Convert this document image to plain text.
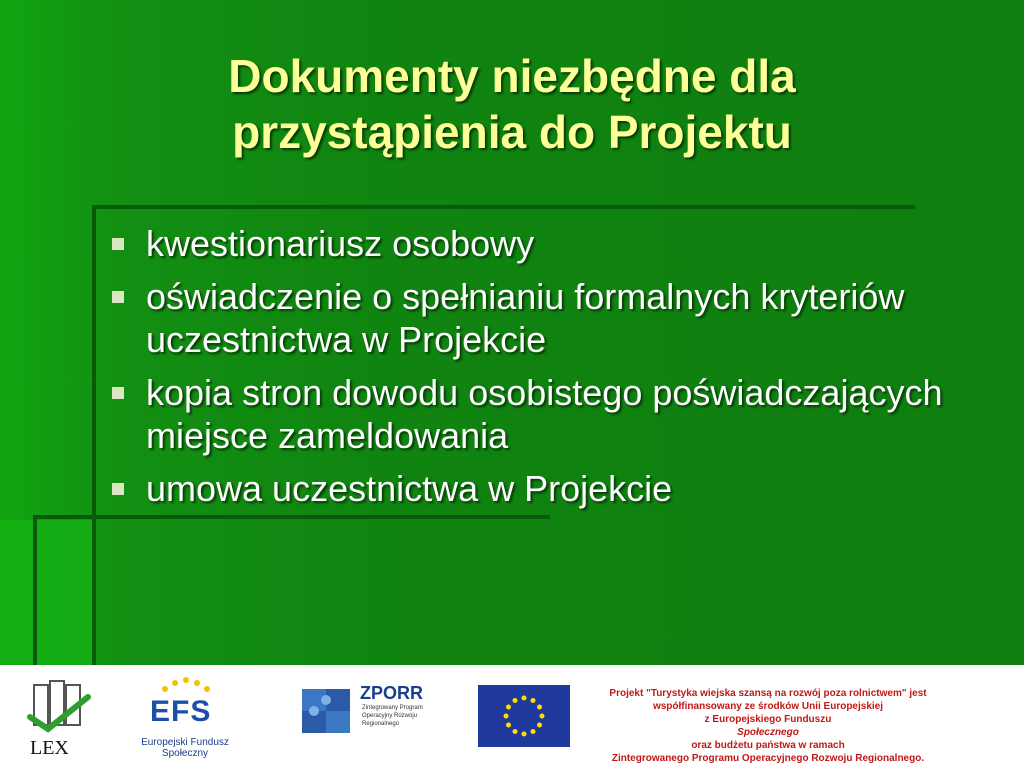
Dokumenty niezbędne dla
przystąpienia do Projektu
kwestionariusz osobowy
oświadczenie o spełnianiu formalnych kryteriów uczestnictwa w Projekcie
kopia stron dowodu osobistego poświadczających miejsce zameldowania
umowa uczestnictwa w Projekcie
LEX
EFS
Europejski Fundusz Społeczny
ZPORR
Zintegrowany Program Operacyjny Rozwoju Regionalnego
Projekt "Turystyka wiejska szansą na rozwój poza rolnictwem" jest
współfinansowany ze środków Unii Europejskiej
z Europejskiego Funduszu
Społecznego
oraz budżetu państwa w ramach
Zintegrowanego Programu Operacyjnego Rozwoju Regionalnego.
